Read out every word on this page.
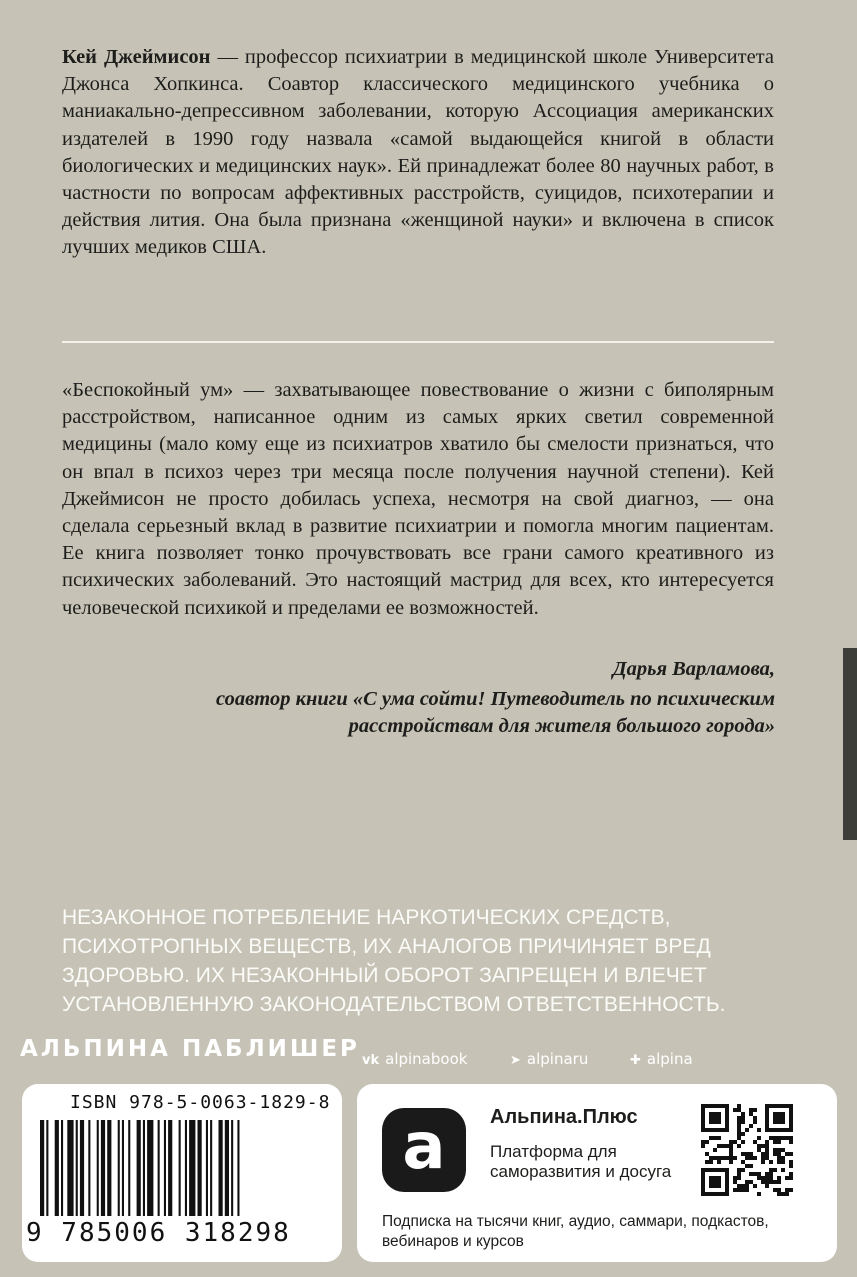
Кей Джеймисон — профессор психиатрии в медицинской школе Университета Джонса Хопкинса. Соавтор классического медицинского учебника о маниакально-депрессивном заболевании, которую Ассоциация американских издателей в 1990 году назвала «самой выдающейся книгой в области биологических и медицинских наук». Ей принадлежат более 80 научных работ, в частности по вопросам аффективных расстройств, суицидов, психотерапии и действия лития. Она была признана «женщиной науки» и включена в список лучших медиков США.

«Беспокойный ум» — захватывающее повествование о жизни с биполярным расстройством, написанное одним из самых ярких светил современной медицины (мало кому еще из психиатров хватило бы смелости признаться, что он впал в психоз через три месяца после получения научной степени). Кей Джеймисон не просто добилась успеха, несмотря на свой диагноз, — она сделала серьезный вклад в развитие психиатрии и помогла многим пациентам. Ее книга позволяет тонко прочувствовать все грани самого креативного из психических заболеваний. Это настоящий мастрид для всех, кто интересуется человеческой психикой и пределами ее возможностей.

Дарья Варламова,
соавтор книги «С ума сойти! Путеводитель по психическим расстройствам для жителя большого города»

НЕЗАКОННОЕ ПОТРЕБЛЕНИЕ НАРКОТИЧЕСКИХ СРЕДСТВ, ПСИХОТРОПНЫХ ВЕЩЕСТВ, ИХ АНАЛОГОВ ПРИЧИНЯЕТ ВРЕД ЗДОРОВЬЮ. ИХ НЕЗАКОННЫЙ ОБОРОТ ЗАПРЕЩЕН И ВЛЕЧЕТ УСТАНОВЛЕННУЮ ЗАКОНОДАТЕЛЬСТВОМ ОТВЕТСТВЕННОСТЬ.

АЛЬПИНА ПАБЛИШЕР vk alpinabook	➤ alpinaru	✚ alpina
ISBN 978-5-0063-1829-8
9 785006 318298
a	Альпина.Плюс
Платформа для саморазвития и досуга
Подписка на тысячи книг, аудио, саммари, подкастов, вебинаров и курсов
